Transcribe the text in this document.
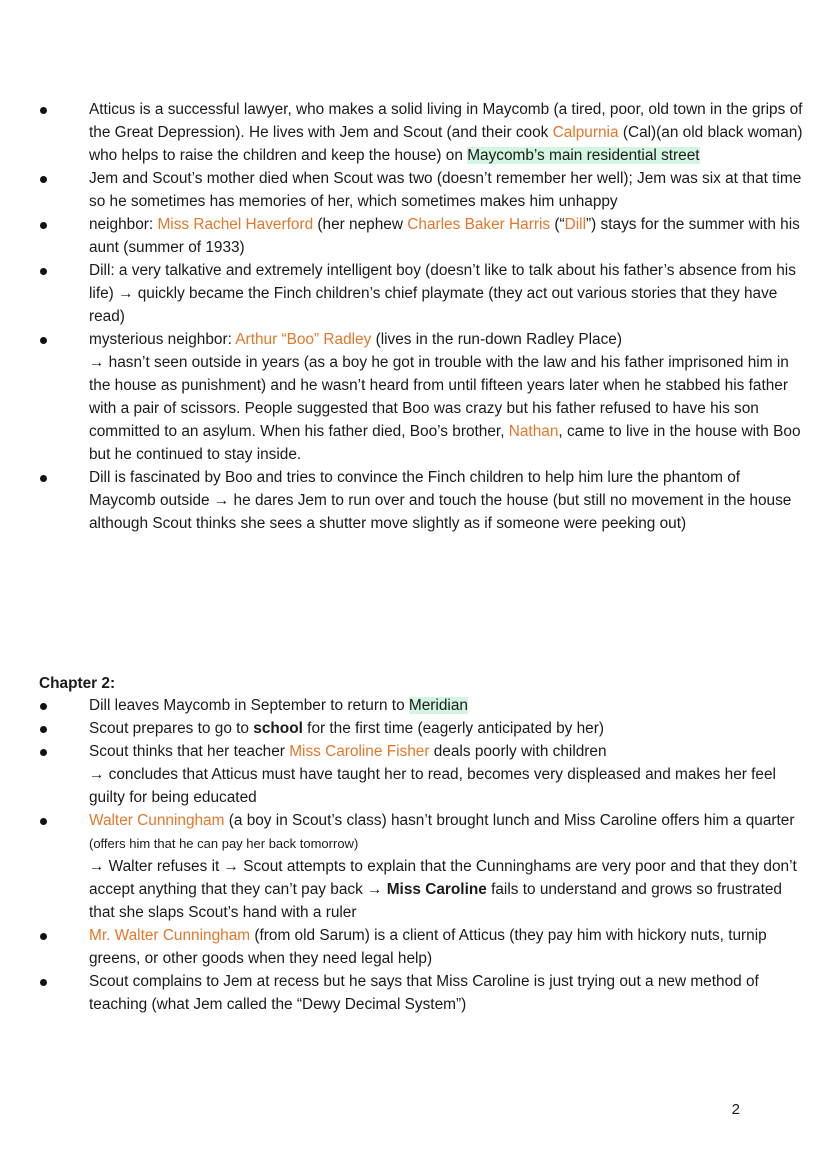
Atticus is a successful lawyer, who makes a solid living in Maycomb (a tired, poor, old town in the grips of the Great Depression). He lives with Jem and Scout (and their cook Calpurnia (Cal)(an old black woman) who helps to raise the children and keep the house) on Maycomb’s main residential street
Jem and Scout’s mother died when Scout was two (doesn’t remember her well); Jem was six at that time so he sometimes has memories of her, which sometimes makes him unhappy
neighbor: Miss Rachel Haverford (her nephew Charles Baker Harris (“Dill”) stays for the summer with his aunt (summer of 1933)
Dill: a very talkative and extremely intelligent boy (doesn’t like to talk about his father’s absence from his life) → quickly became the Finch children’s chief playmate (they act out various stories that they have read)
mysterious neighbor: Arthur “Boo” Radley (lives in the run-down Radley Place)
→ hasn’t seen outside in years (as a boy he got in trouble with the law and his father imprisoned him in the house as punishment) and he wasn’t heard from until fifteen years later when he stabbed his father with a pair of scissors. People suggested that Boo was crazy but his father refused to have his son committed to an asylum. When his father died, Boo’s brother, Nathan, came to live in the house with Boo but he continued to stay inside.
Dill is fascinated by Boo and tries to convince the Finch children to help him lure the phantom of Maycomb outside → he dares Jem to run over and touch the house (but still no movement in the house although Scout thinks she sees a shutter move slightly as if someone were peeking out)
Chapter 2:
Dill leaves Maycomb in September to return to Meridian
Scout prepares to go to school for the first time (eagerly anticipated by her)
Scout thinks that her teacher Miss Caroline Fisher deals poorly with children
→ concludes that Atticus must have taught her to read, becomes very displeased and makes her feel guilty for being educated
Walter Cunningham (a boy in Scout’s class) hasn’t brought lunch and Miss Caroline offers him a quarter (offers him that he can pay her back tomorrow)
→ Walter refuses it → Scout attempts to explain that the Cunninghams are very poor and that they don’t accept anything that they can’t pay back → Miss Caroline fails to understand and grows so frustrated that she slaps Scout’s hand with a ruler
Mr. Walter Cunningham (from old Sarum) is a client of Atticus (they pay him with hickory nuts, turnip greens, or other goods when they need legal help)
Scout complains to Jem at recess but he says that Miss Caroline is just trying out a new method of teaching (what Jem called the “Dewy Decimal System”)
2
